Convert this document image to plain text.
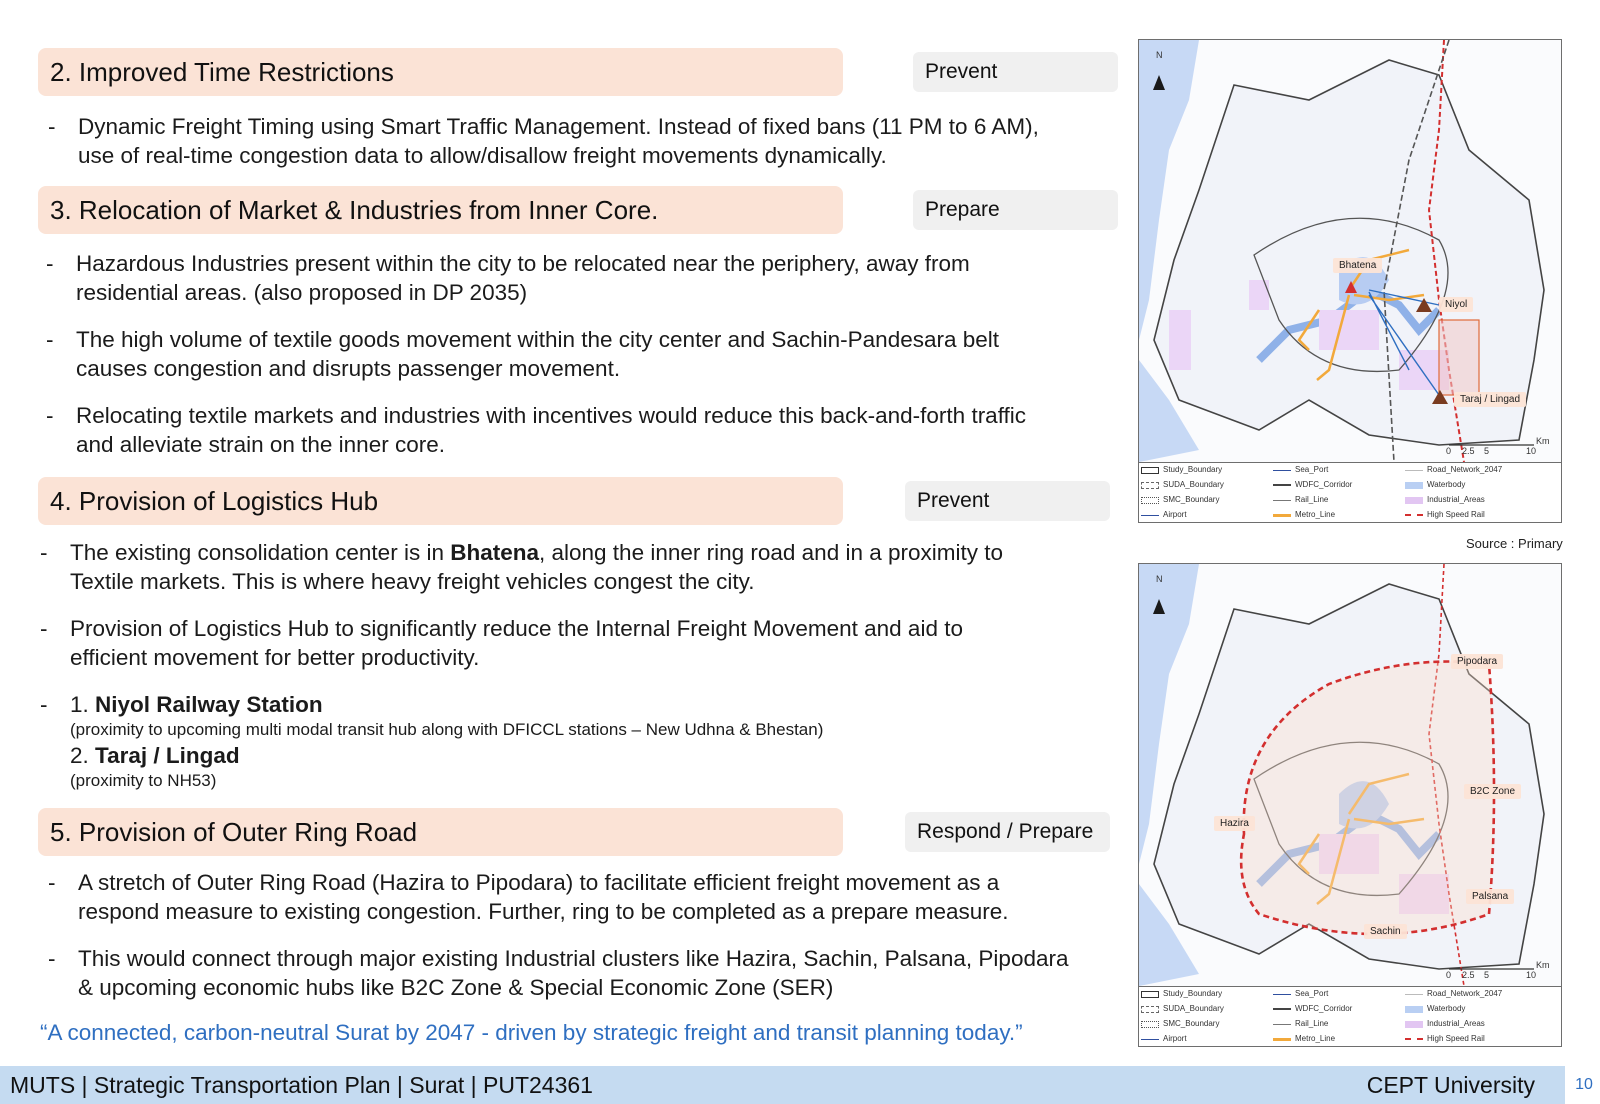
2. Improved Time Restrictions	Prevent
- Dynamic Freight Timing using Smart Traffic Management. Instead of fixed bans (11 PM to 6 AM),
use of real-time congestion data to allow/disallow freight movements dynamically.
3. Relocation of Market & Industries from Inner Core.	Prepare
- Hazardous Industries present within the city to be relocated near the periphery, away from
residential areas. (also proposed in DP 2035)
- The high volume of textile goods movement within the city center and Sachin-Pandesara belt
causes congestion and disrupts passenger movement.
- Relocating textile markets and industries with incentives would reduce this back-and-forth traffic
and alleviate strain on the inner core.
4. Provision of Logistics Hub	Prevent
- The existing consolidation center is in Bhatena, along the inner ring road and in a proximity to
Textile markets. This is where heavy freight vehicles congest the city.
- Provision of Logistics Hub to significantly reduce the Internal Freight Movement and aid to
efficient movement for better productivity.
- 1. Niyol Railway Station
(proximity to upcoming multi modal transit hub along with DFICCL stations – New Udhna & Bhestan)
2. Taraj / Lingad
(proximity to NH53)
5. Provision of Outer Ring Road	Respond / Prepare
- A stretch of Outer Ring Road (Hazira to Pipodara) to facilitate efficient freight movement as a
respond measure to existing congestion. Further, ring to be completed as a prepare measure.
- This would connect through major existing Industrial clusters like Hazira, Sachin, Palsana, Pipodara
& upcoming economic hubs like B2C Zone & Special Economic Zone (SER)
“A connected, carbon-neutral Surat by 2047 - driven by strategic freight and transit planning today.”
N
Bhatena
Niyol
Taraj / Lingad
0 2.5 5	10
Km
Study_Boundary
SUDA_Boundary
SMC_Boundary
Airport
Sea_Port
WDFC_Corridor
Rail_Line
Metro_Line
Road_Network_2047
Waterbody
Industrial_Areas
High Speed Rail
Source : Primary
N
Pipodara
B2C Zone
Hazira
Palsana
Sachin
0 2.5 5	10
Km
Study_Boundary
SUDA_Boundary
SMC_Boundary
Airport
Sea_Port
WDFC_Corridor
Rail_Line
Metro_Line
Road_Network_2047
Waterbody
Industrial_Areas
High Speed Rail
MUTS | Strategic Transportation Plan | Surat | PUT24361	CEPT University	10
